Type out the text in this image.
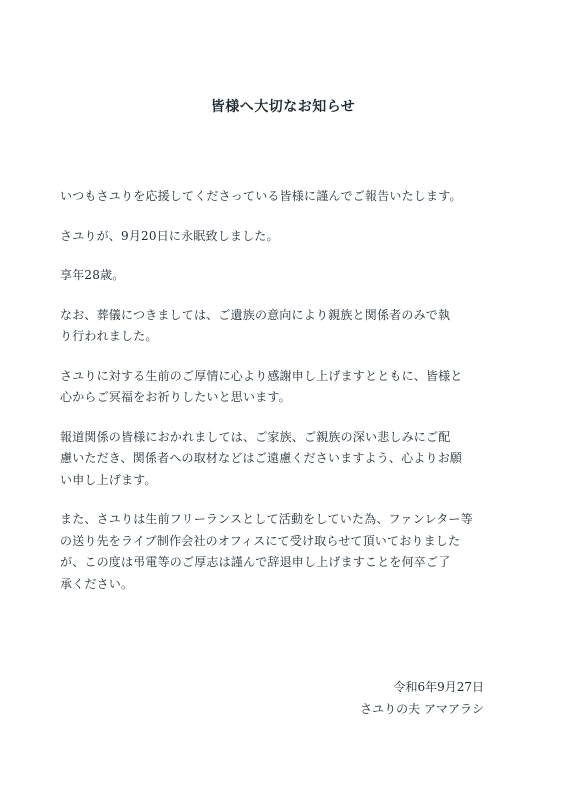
皆様へ大切なお知らせ
いつもさユりを応援してくださっている皆様に謹んでご報告いたします。
さユりが、9月20日に永眠致しました。
享年28歳。
なお、葬儀につきましては、ご遺族の意向により親族と関係者のみで執
り行われました。
さユりに対する生前のご厚情に心より感謝申し上げますとともに、皆様と
心からご冥福をお祈りしたいと思います。
報道関係の皆様におかれましては、ご家族、ご親族の深い悲しみにご配
慮いただき、関係者への取材などはご遠慮くださいますよう、心よりお願
い申し上げます。
また、さユりは生前フリーランスとして活動をしていた為、ファンレター等
の送り先をライブ制作会社のオフィスにて受け取らせて頂いておりました
が、この度は弔電等のご厚志は謹んで辞退申し上げますことを何卒ご了
承ください。
令和6年9月27日
さユりの夫 アマアラシ
